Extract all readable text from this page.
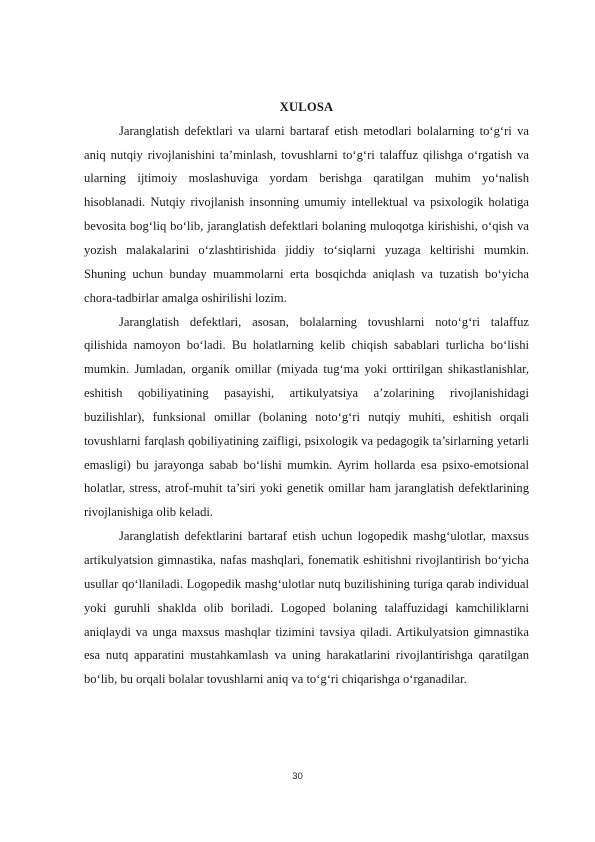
XULOSA

Jaranglatish defektlari va ularni bartaraf etish metodlari bolalarning to‘g‘ri va aniq nutqiy rivojlanishini ta’minlash, tovushlarni to‘g‘ri talaffuz qilishga o‘rgatish va ularning ijtimoiy moslashuviga yordam berishga qaratilgan muhim yo‘nalish hisoblanadi. Nutqiy rivojlanish insonning umumiy intellektual va psixologik holatiga bevosita bog‘liq bo‘lib, jaranglatish defektlari bolaning muloqotga kirishishi, o‘qish va yozish malakalarini o‘zlashtirishida jiddiy to‘siqlarni yuzaga keltirishi mumkin. Shuning uchun bunday muammolarni erta bosqichda aniqlash va tuzatish bo‘yicha chora-tadbirlar amalga oshirilishi lozim.

Jaranglatish defektlari, asosan, bolalarning tovushlarni noto‘g‘ri talaffuz qilishida namoyon bo‘ladi. Bu holatlarning kelib chiqish sabablari turlicha bo‘lishi mumkin. Jumladan, organik omillar (miyada tug‘ma yoki orttirilgan shikastlanishlar, eshitish qobiliyatining pasayishi, artikulyatsiya a’zolarining rivojlanishidagi buzilishlar), funksional omillar (bolaning noto‘g‘ri nutqiy muhiti, eshitish orqali tovushlarni farqlash qobiliyatining zaifligi, psixologik va pedagogik ta’sirlarning yetarli emasligi) bu jarayonga sabab bo‘lishi mumkin. Ayrim hollarda esa psixo-emotsional holatlar, stress, atrof-muhit ta’siri yoki genetik omillar ham jaranglatish defektlarining rivojlanishiga olib keladi.

Jaranglatish defektlarini bartaraf etish uchun logopedik mashg‘ulotlar, maxsus artikulyatsion gimnastika, nafas mashqlari, fonematik eshitishni rivojlantirish bo‘yicha usullar qo‘llaniladi. Logopedik mashg‘ulotlar nutq buzilishining turiga qarab individual yoki guruhli shaklda olib boriladi. Logoped bolaning talaffuzidagi kamchiliklarni aniqlaydi va unga maxsus mashqlar tizimini tavsiya qiladi. Artikulyatsion gimnastika esa nutq apparatini mustahkamlash va uning harakatlarini rivojlantirishga qaratilgan bo‘lib, bu orqali bolalar tovushlarni aniq va to‘g‘ri chiqarishga o‘rganadilar.

30
